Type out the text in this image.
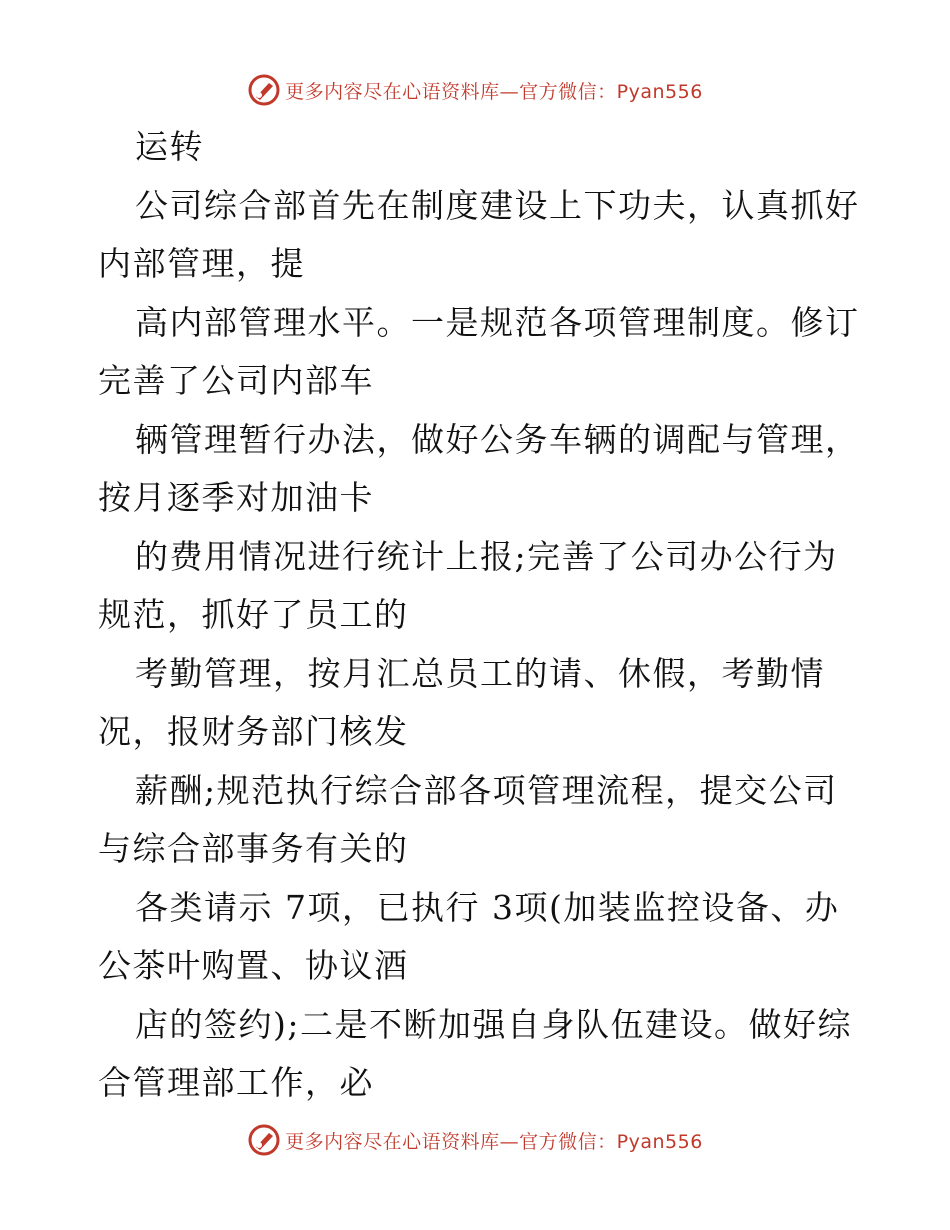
更多内容尽在心语资料库—官方微信：Pyan556
运转
公司综合部首先在制度建设上下功夫，认真抓好
内部管理，提
高内部管理水平。一是规范各项管理制度。修订
完善了公司内部车
辆管理暂行办法，做好公务车辆的调配与管理，
按月逐季对加油卡
的费用情况进行统计上报;完善了公司办公行为
规范，抓好了员工的
考勤管理，按月汇总员工的请、休假，考勤情
况，报财务部门核发
薪酬;规范执行综合部各项管理流程，提交公司
与综合部事务有关的
各类请示 7项，已执行 3项(加装监控设备、办
公茶叶购置、协议酒
店的签约);二是不断加强自身队伍建设。做好综
合管理部工作，必
更多内容尽在心语资料库—官方微信：Pyan556
